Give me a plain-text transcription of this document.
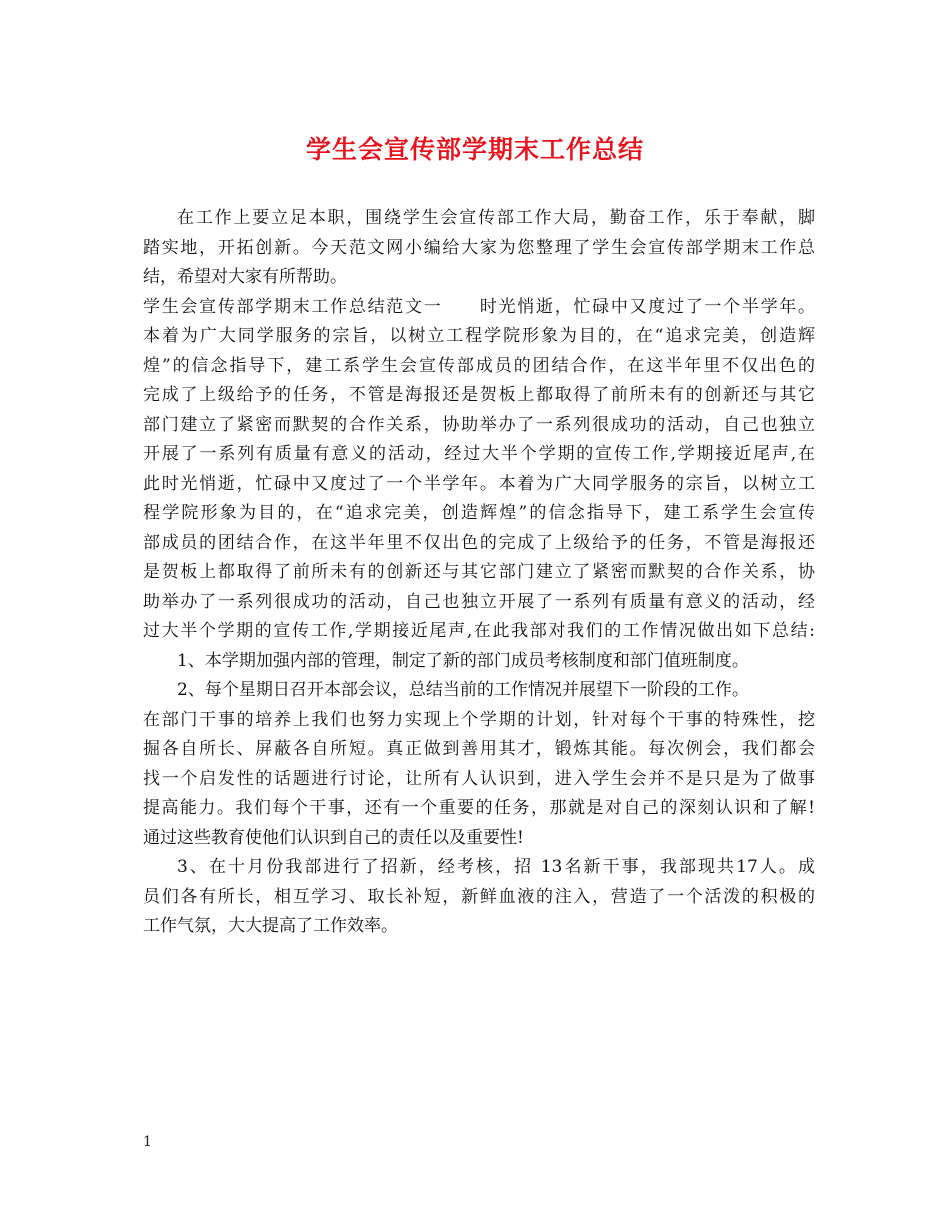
学生会宣传部学期末工作总结
在工作上要立足本职，围绕学生会宣传部工作大局，勤奋工作，乐于奉献，脚
踏实地，开拓创新。今天范文网小编给大家为您整理了学生会宣传部学期末工作总
结，希望对大家有所帮助。
学生会宣传部学期末工作总结范文一　　时光悄逝，忙碌中又度过了一个半学年。
本着为广大同学服务的宗旨，以树立工程学院形象为目的，在“追求完美，创造辉
煌”的信念指导下，建工系学生会宣传部成员的团结合作，在这半年里不仅出色的
完成了上级给予的任务，不管是海报还是贺板上都取得了前所未有的创新还与其它
部门建立了紧密而默契的合作关系，协助举办了一系列很成功的活动，自己也独立
开展了一系列有质量有意义的活动，经过大半个学期的宣传工作,学期接近尾声,在
此时光悄逝，忙碌中又度过了一个半学年。本着为广大同学服务的宗旨，以树立工
程学院形象为目的，在“追求完美，创造辉煌”的信念指导下，建工系学生会宣传
部成员的团结合作，在这半年里不仅出色的完成了上级给予的任务，不管是海报还
是贺板上都取得了前所未有的创新还与其它部门建立了紧密而默契的合作关系，协
助举办了一系列很成功的活动，自己也独立开展了一系列有质量有意义的活动，经
过大半个学期的宣传工作,学期接近尾声,在此我部对我们的工作情况做出如下总结:
1、本学期加强内部的管理，制定了新的部门成员考核制度和部门值班制度。
2、每个星期日召开本部会议，总结当前的工作情况并展望下一阶段的工作。
在部门干事的培养上我们也努力实现上个学期的计划，针对每个干事的特殊性，挖
掘各自所长、屏蔽各自所短。真正做到善用其才，锻炼其能。每次例会，我们都会
找一个启发性的话题进行讨论，让所有人认识到，进入学生会并不是只是为了做事
提高能力。我们每个干事，还有一个重要的任务，那就是对自己的深刻认识和了解!
通过这些教育使他们认识到自己的责任以及重要性!
3、在十月份我部进行了招新，经考核，招 13名新干事，我部现共17人。成
员们各有所长，相互学习、取长补短，新鲜血液的注入，营造了一个活泼的积极的
工作气氛，大大提高了工作效率。
1
